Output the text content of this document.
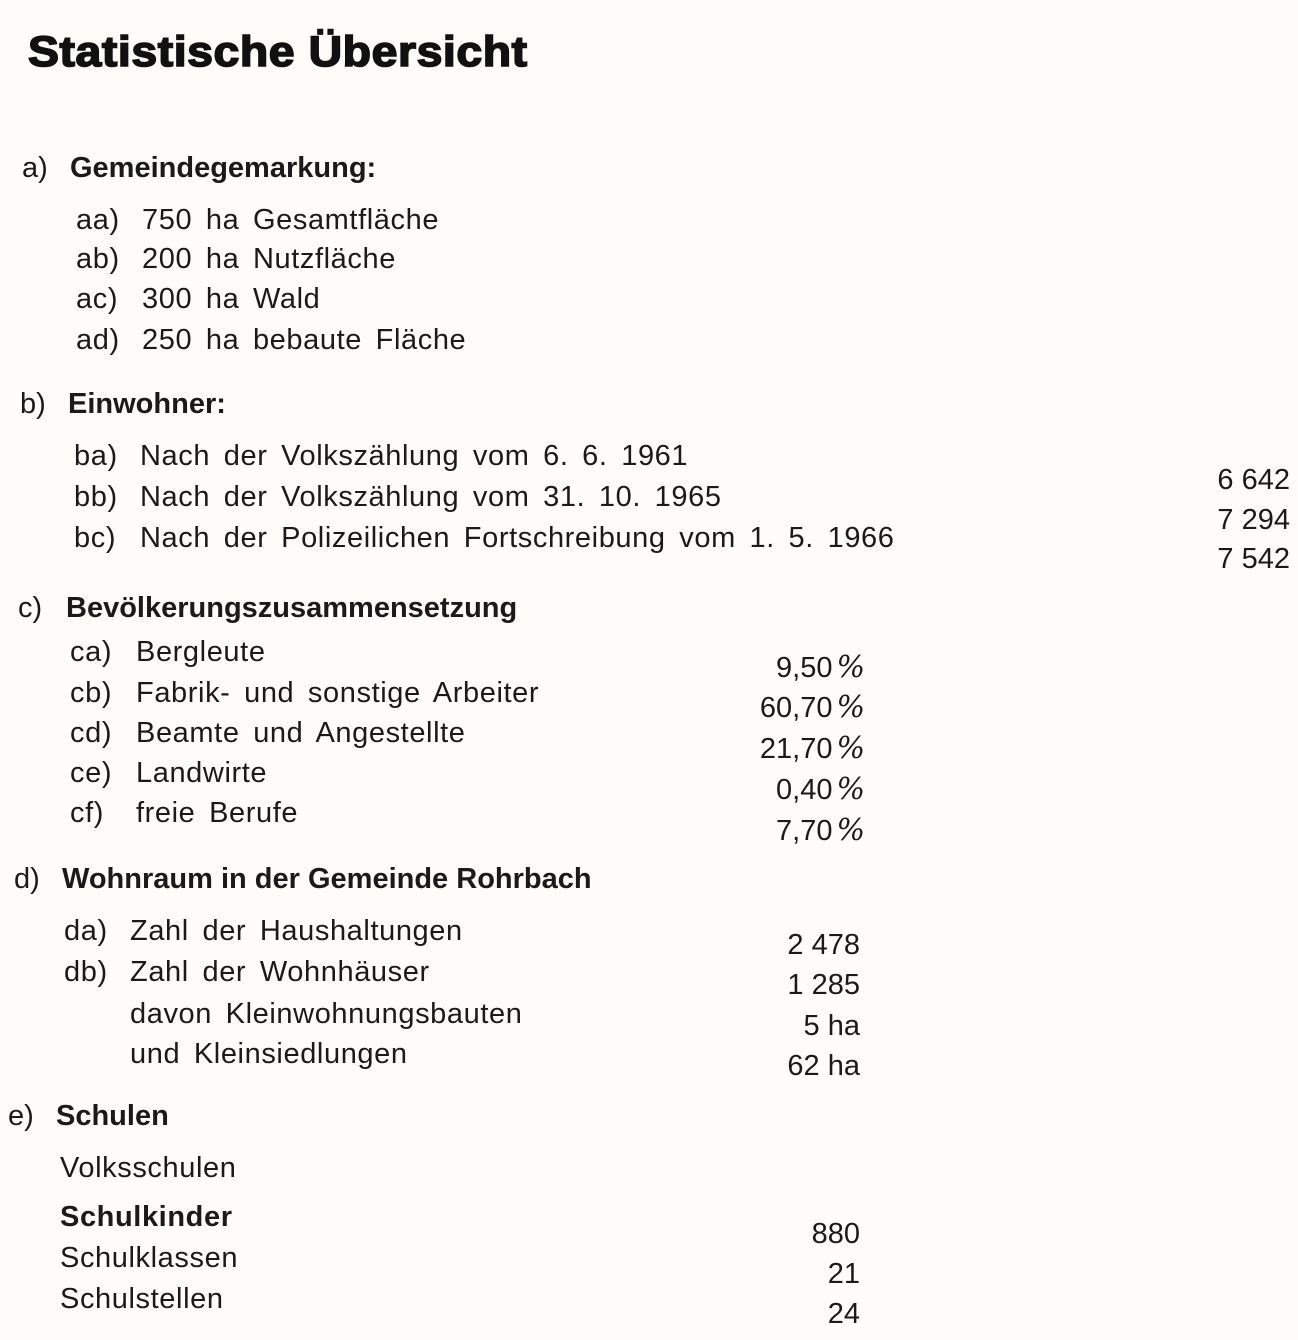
Statistische Übersicht
a) Gemeindegemarkung:
aa) 750 ha Gesamtfläche
ab) 200 ha Nutzfläche
ac) 300 ha Wald
ad) 250 ha bebaute Fläche
b) Einwohner:
ba) Nach der Volkszählung vom 6. 6. 1961
bb) Nach der Volkszählung vom 31. 10. 1965
bc) Nach der Polizeilichen Fortschreibung vom 1. 5. 1966
6 642
7 294
7 542
c) Bevölkerungszusammensetzung
ca) Bergleute
cb) Fabrik- und sonstige Arbeiter
cd) Beamte und Angestellte
ce) Landwirte
cf) freie Berufe
9,50 %
60,70 %
21,70 %
0,40 %
7,70 %
d) Wohnraum in der Gemeinde Rohrbach
da) Zahl der Haushaltungen
db) Zahl der Wohnhäuser
davon Kleinwohnungsbauten
und Kleinsiedlungen
2 478
1 285
5 ha
62 ha
e) Schulen
Volksschulen
Schulkinder
Schulklassen
Schulstellen
880
21
24
